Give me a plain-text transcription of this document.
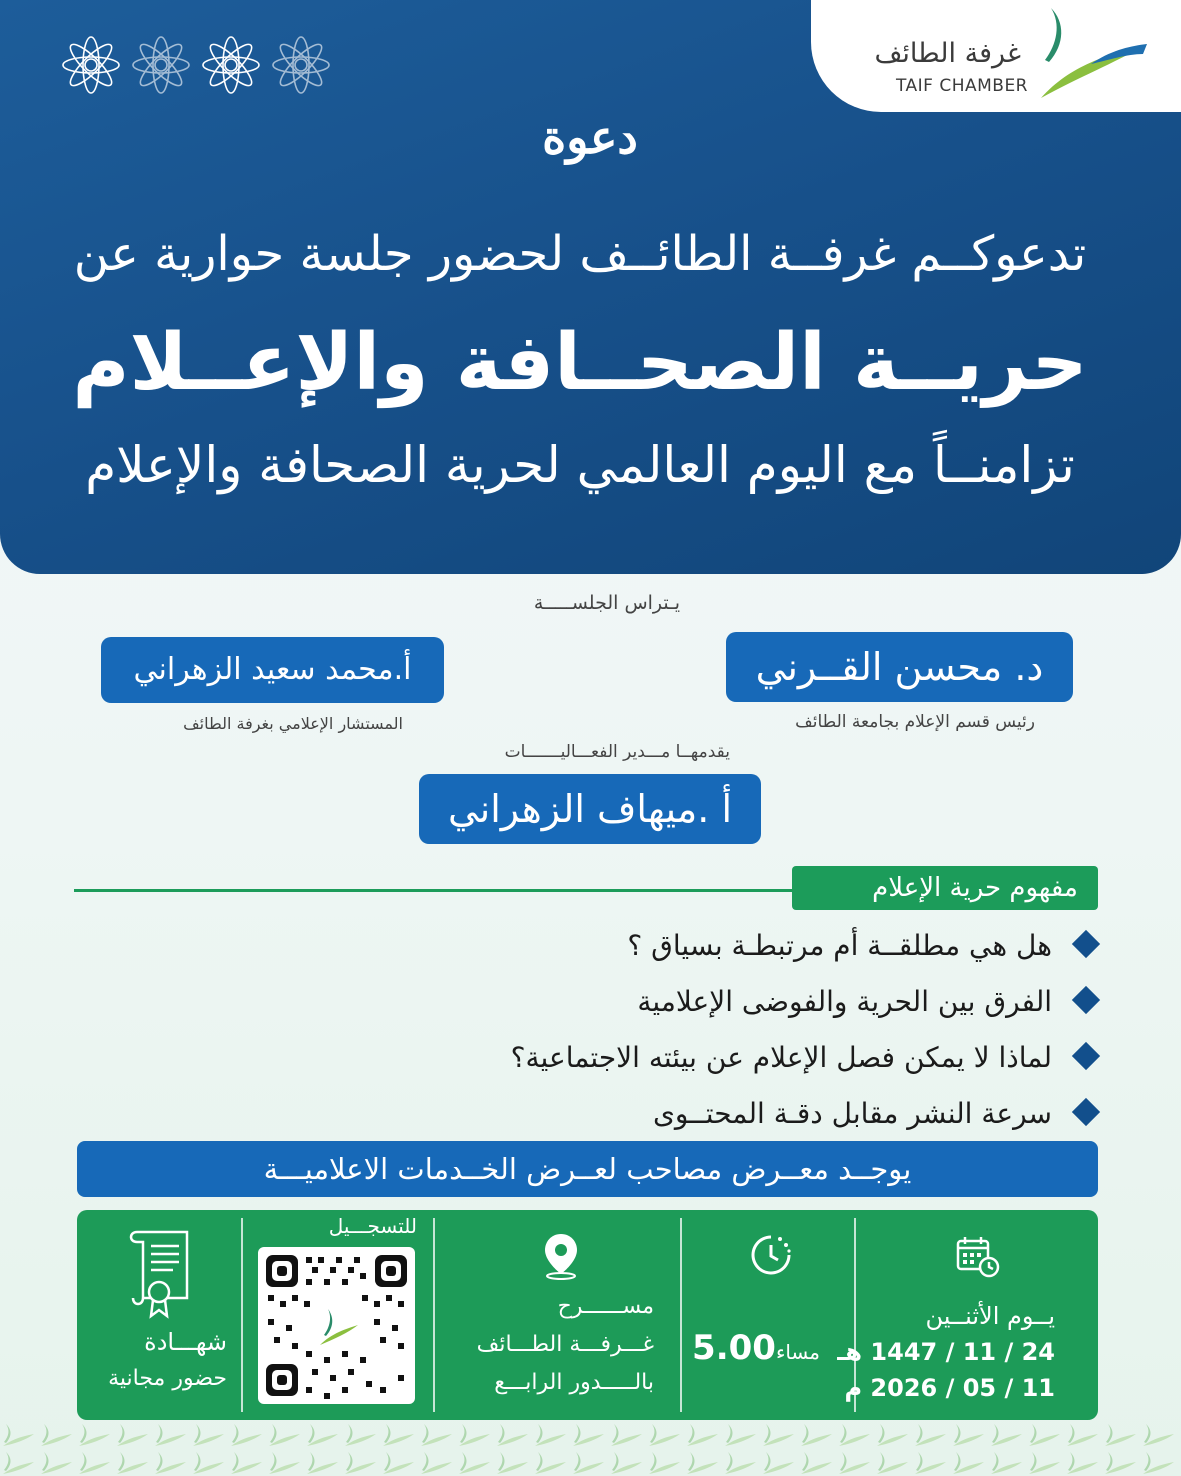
غرفة الطائف
TAIF CHAMBER
دعوة
تدعوكــم غرفــة الطائــف لحضور جلسة حوارية عن
حريــة الصحــافة والإعــلام
تزامنــاً مع اليوم العالمي لحرية الصحافة والإعلام
يـتراس الجلســـــة
د. محسن القــرني
رئيس قسم الإعلام بجامعة الطائف
أ.محمد سعيد الزهراني
المستشار الإعلامي بغرفة الطائف
يقدمهــا مـــدير الفعـــاليـــــــات
أ .ميهاف الزهراني
مفهوم حرية الإعلام
هل هي مطلقــة أم مرتبطـة بسياق ؟
الفرق بين الحرية والفوضى الإعلامية
لماذا لا يمكن فصل الإعلام عن بيئته الاجتماعية؟
سرعة النشر مقابل دقـة المحتــوى
يوجــد معــرض مصاحب لعــرض الخــدمات الاعلاميـــة
يــوم الأثنــين
24 / 11 / 1447 هـ
11 / 05 / 2026 م
مساء5.00
مســــــرح
غـــرفـــة الطـــائف
بالـــــدور الرابـــع
للتسجـــيل
شهـــادة
حضور مجانية
